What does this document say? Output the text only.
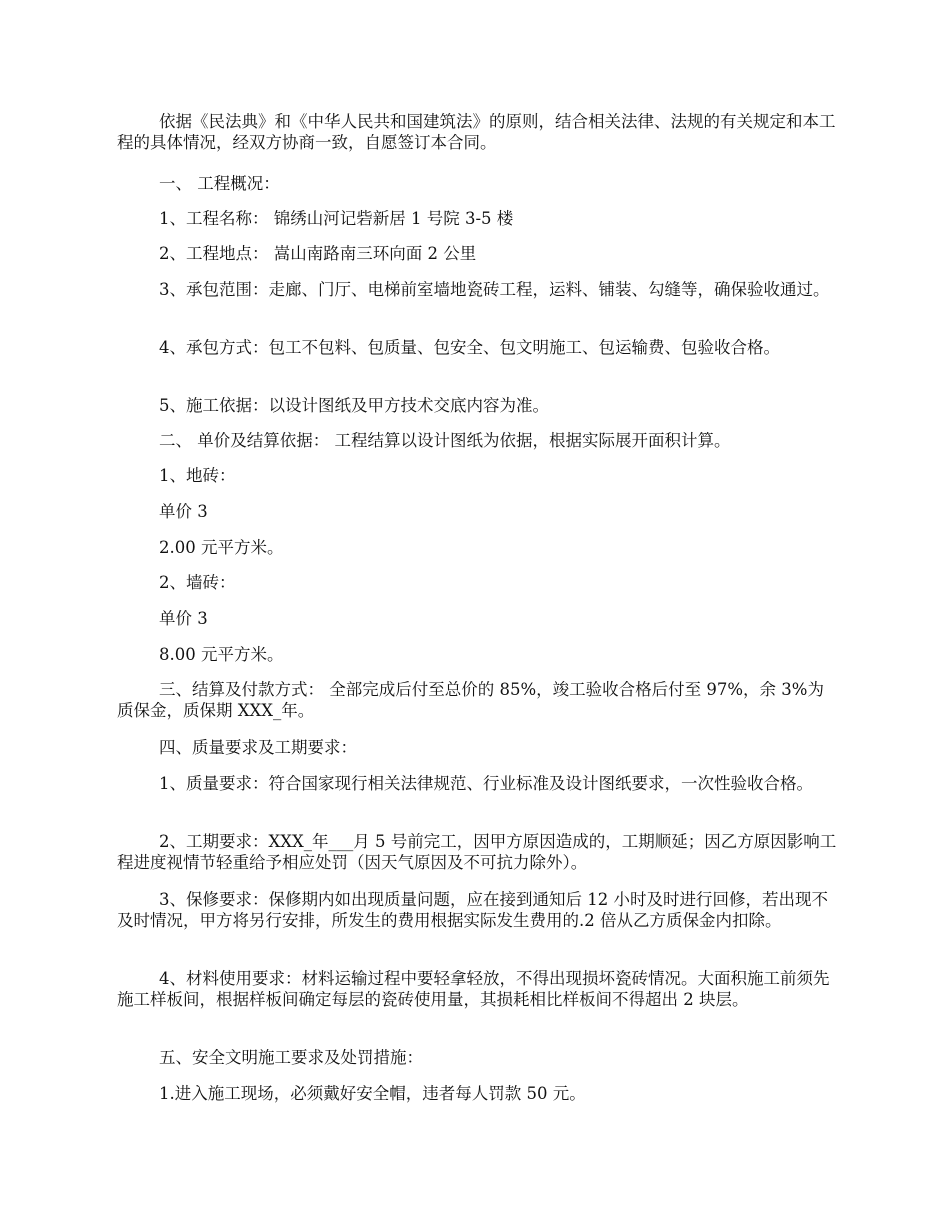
依据《民法典》和《中华人民共和国建筑法》的原则，结合相关法律、法规的有关规定和本工程的具体情况，经双方协商一致，自愿签订本合同。

一、 工程概况：

1、工程名称： 锦绣山河记砦新居 1 号院 3-5 楼

2、工程地点： 嵩山南路南三环向面 2 公里

3、承包范围：走廊、门厅、电梯前室墙地瓷砖工程，运料、铺装、勾缝等，确保验收通过。

4、承包方式：包工不包料、包质量、包安全、包文明施工、包运输费、包验收合格。

5、施工依据：以设计图纸及甲方技术交底内容为准。

二、 单价及结算依据： 工程结算以设计图纸为依据，根据实际展开面积计算。

1、地砖：

单价 3

2.00 元平方米。

2、墙砖：

单价 3

8.00 元平方米。

三、结算及付款方式： 全部完成后付至总价的 85%，竣工验收合格后付至 97%，余 3%为质保金，质保期 XXX_年。

四、质量要求及工期要求：

1、质量要求：符合国家现行相关法律规范、行业标准及设计图纸要求，一次性验收合格。

2、工期要求：XXX_年___月 5 号前完工，因甲方原因造成的，工期顺延；因乙方原因影响工程进度视情节轻重给予相应处罚（因天气原因及不可抗力除外）。

3、保修要求：保修期内如出现质量问题，应在接到通知后 12 小时及时进行回修，若出现不及时情况，甲方将另行安排，所发生的费用根据实际发生费用的.2 倍从乙方质保金内扣除。

4、材料使用要求：材料运输过程中要轻拿轻放，不得出现损坏瓷砖情况。大面积施工前须先施工样板间，根据样板间确定每层的瓷砖使用量，其损耗相比样板间不得超出 2 块层。

五、安全文明施工要求及处罚措施：

1.进入施工现场，必须戴好安全帽，违者每人罚款 50 元。
